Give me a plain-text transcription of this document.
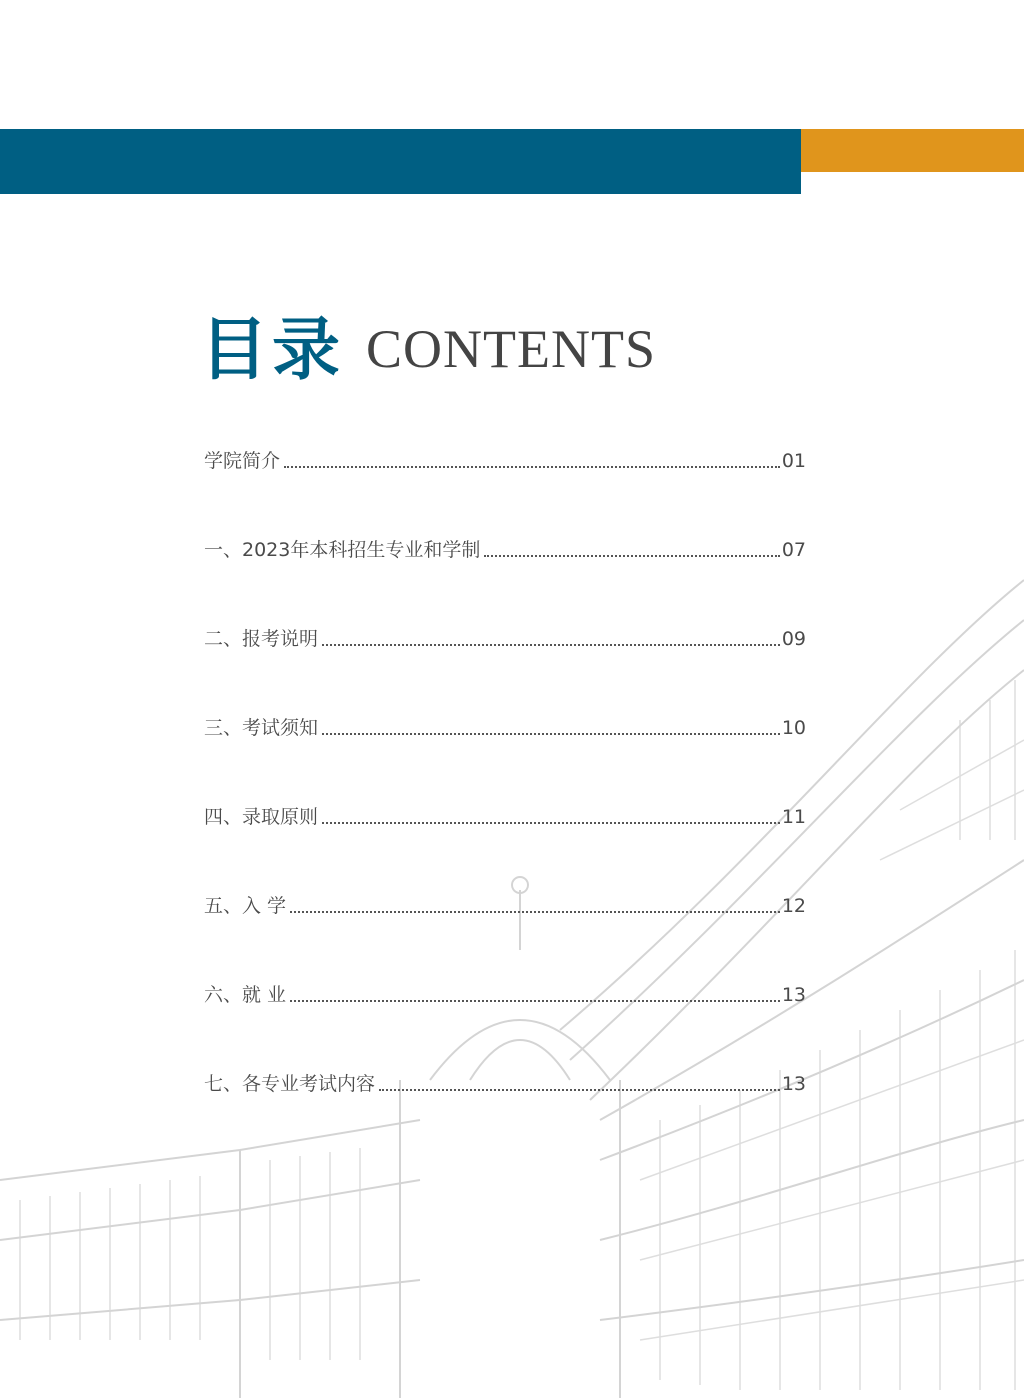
目录 CONTENTS
学院简介	01
一、2023年本科招生专业和学制	07
二、报考说明	09
三、考试须知	10
四、录取原则	11
五、入 学	12
六、就 业	13
七、各专业考试内容	13
